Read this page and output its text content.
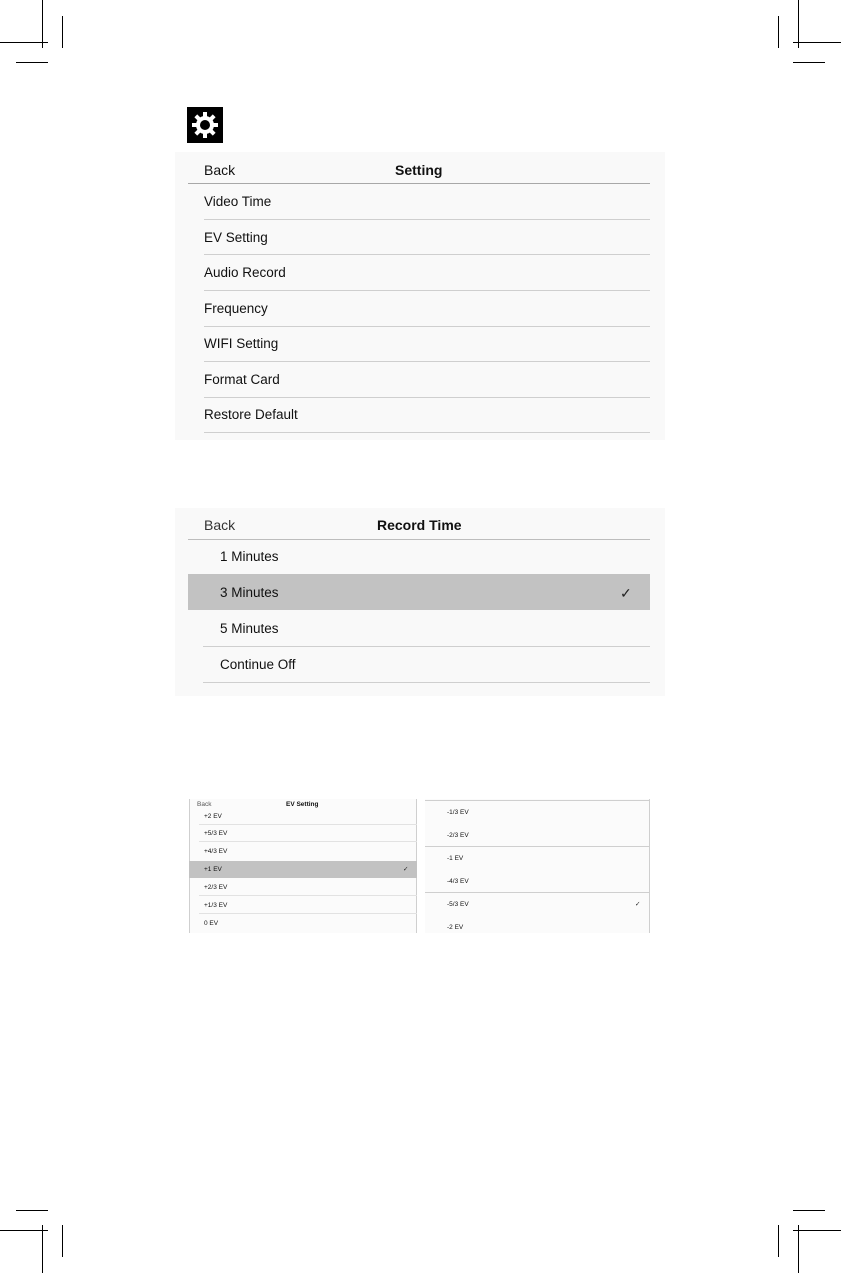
Back	Setting
Video Time
EV Setting
Audio Record
Frequency
WIFI Setting
Format Card
Restore Default
Back	Record Time
1 Minutes
3 Minutes	✓
5 Minutes
Continue Off
Back	EV Setting
+2 EV
+5/3 EV
+4/3 EV
+1 EV	✓
+2/3 EV
+1/3 EV
0 EV
-1/3 EV
-2/3 EV
-1 EV
-4/3 EV
-5/3 EV	✓
-2 EV
